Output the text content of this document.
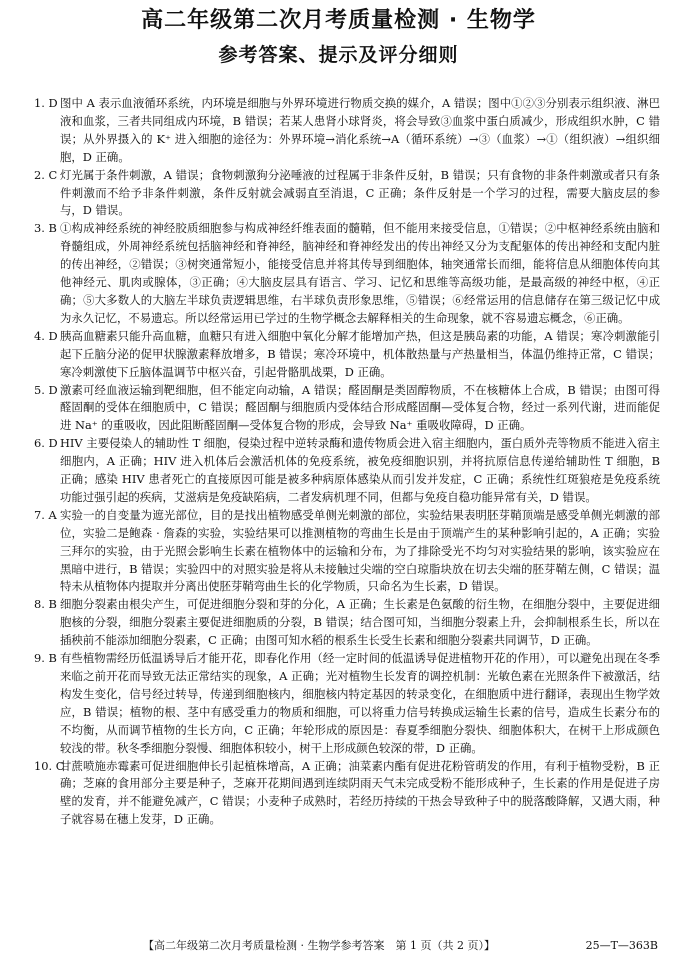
高二年级第二次月考质量检测 · 生物学
参考答案、提示及评分细则
1. D 图中 A 表示血液循环系统，内环境是细胞与外界环境进行物质交换的媒介，A 错误；图中①②③分别表示组织液、淋巴液和血浆，三者共同组成内环境，B 错误；若某人患肾小球肾炎，将会导致③血浆中蛋白质减少，形成组织水肿，C 错误；从外界摄入的 K⁺ 进入细胞的途径为：外界环境→消化系统→A（循环系统）→③（血浆）→①（组织液）→组织细胞，D 正确。
2. C 灯光属于条件刺激，A 错误；食物刺激狗分泌唾液的过程属于非条件反射，B 错误；只有食物的非条件刺激或者只有条件刺激而不给予非条件刺激，条件反射就会减弱直至消退，C 正确；条件反射是一个学习的过程，需要大脑皮层的参与，D 错误。
3. B ①构成神经系统的神经胶质细胞参与构成神经纤维表面的髓鞘，但不能用来接受信息，①错误；②中枢神经系统由脑和脊髓组成，外周神经系统包括脑神经和脊神经，脑神经和脊神经发出的传出神经又分为支配躯体的传出神经和支配内脏的传出神经，②错误；③树突通常短小，能接受信息并将其传导到细胞体，轴突通常长而细，能将信息从细胞体传向其他神经元、肌肉或腺体，③正确；④大脑皮层具有语言、学习、记忆和思维等高级功能，是最高级的神经中枢，④正确；⑤大多数人的大脑左半球负责逻辑思维，右半球负责形象思维，⑤错误；⑥经常运用的信息储存在第三级记忆中成为永久记忆，不易遗忘。所以经常运用已学过的生物学概念去解释相关的生命现象，就不容易遗忘概念，⑥正确。
4. D 胰高血糖素只能升高血糖，血糖只有进入细胞中氧化分解才能增加产热，但这是胰岛素的功能，A 错误；寒冷刺激能引起下丘脑分泌的促甲状腺激素释放增多，B 错误；寒冷环境中，机体散热量与产热量相当，体温仍维持正常，C 错误；寒冷刺激使下丘脑体温调节中枢兴奋，引起骨骼肌战栗，D 正确。
5. D 激素可经血液运输到靶细胞，但不能定向动输，A 错误；醛固酮是类固醇物质，不在核糖体上合成，B 错误；由图可得醛固酮的受体在细胞质中，C 错误；醛固酮与细胞质内受体结合形成醛固酮—受体复合物，经过一系列代谢，进而能促进 Na⁺ 的重吸收，因此阻断醛固酮—受体复合物的形成，会导致 Na⁺ 重吸收障碍，D 正确。
6. D HIV 主要侵染人的辅助性 T 细胞，侵染过程中逆转录酶和遗传物质会进入宿主细胞内，蛋白质外壳等物质不能进入宿主细胞内，A 正确；HIV 进入机体后会激活机体的免疫系统，被免疫细胞识别，并将抗原信息传递给辅助性 T 细胞，B 正确；感染 HIV 患者死亡的直接原因可能是被多种病原体感染从而引发并发症，C 正确；系统性红斑狼疮是免疫系统功能过强引起的疾病，艾滋病是免疫缺陷病，二者发病机理不同，但都与免疫自稳功能异常有关，D 错误。
7. A 实验一的自变量为遮光部位，目的是找出植物感受单侧光刺激的部位，实验结果表明胚芽鞘顶端是感受单侧光刺激的部位，实验二是鲍森 · 詹森的实验，实验结果可以推测植物的弯曲生长是由于顶端产生的某种影响引起的，A 正确；实验三拜尔的实验，由于光照会影响生长素在植物体中的运输和分布，为了排除受光不均匀对实验结果的影响，该实验应在黑暗中进行，B 错误；实验四中的对照实验是将从未接触过尖端的空白琼脂块放在切去尖端的胚芽鞘左侧，C 错误；温特未从植物体内提取并分离出使胚芽鞘弯曲生长的化学物质，只命名为生长素，D 错误。
8. B 细胞分裂素由根尖产生，可促进细胞分裂和芽的分化，A 正确；生长素是色氨酸的衍生物，在细胞分裂中，主要促进细胞核的分裂，细胞分裂素主要促进细胞质的分裂，B 错误；结合图可知，当细胞分裂素上升，会抑制根系生长，所以在插秧前不能添加细胞分裂素，C 正确；由图可知水稻的根系生长受生长素和细胞分裂素共同调节，D 正确。
9. B 有些植物需经历低温诱导后才能开花，即春化作用（经一定时间的低温诱导促进植物开花的作用），可以避免出现在冬季来临之前开花而导致无法正常结实的现象，A 正确；光对植物生长发育的调控机制：光敏色素在光照条件下被激活，结构发生变化，信号经过转导，传递到细胞核内，细胞核内特定基因的转录变化，在细胞质中进行翻译，表现出生物学效应，B 错误；植物的根、茎中有感受重力的物质和细胞，可以将重力信号转换成运输生长素的信号，造成生长素分布的不均衡，从而调节植物的生长方向，C 正确；年轮形成的原因是：春夏季细胞分裂快、细胞体积大，在树干上形成颜色较浅的带。秋冬季细胞分裂慢、细胞体积较小，树干上形成颜色较深的带，D 正确。
10. C
甘蔗喷施赤霉素可促进细胞伸长引起植株增高，A 正确；油菜素内酯有促进花粉管萌发的作用，有利于植物受粉，B 正确；芝麻的食用部分主要是种子，芝麻开花期间遇到连续阴雨天气未完成受粉不能形成种子，生长素的作用是促进子房壁的发育，并不能避免减产，C 错误；小麦种子成熟时，若经历持续的干热会导致种子中的脱落酸降解，又遇大雨，种子就容易在穗上发芽，D 正确。
【高二年级第二次月考质量检测 · 生物学参考答案　第 1 页（共 2 页）】	25—T—363B
